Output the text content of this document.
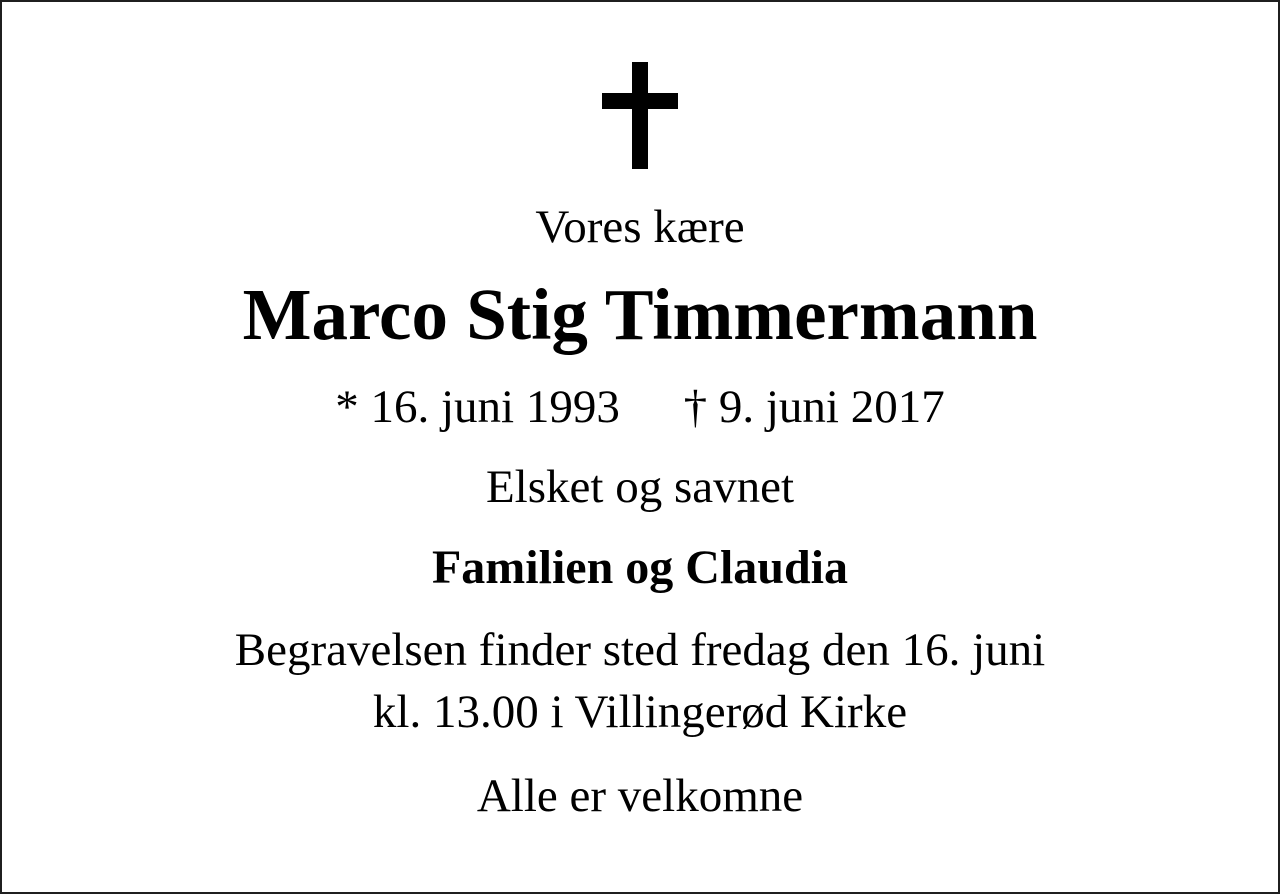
Vores kære
Marco Stig Timmermann
* 16. juni 1993 † 9. juni 2017
Elsket og savnet
Familien og Claudia
Begravelsen finder sted fredag den 16. juni
kl. 13.00 i Villingerød Kirke
Alle er velkomne
